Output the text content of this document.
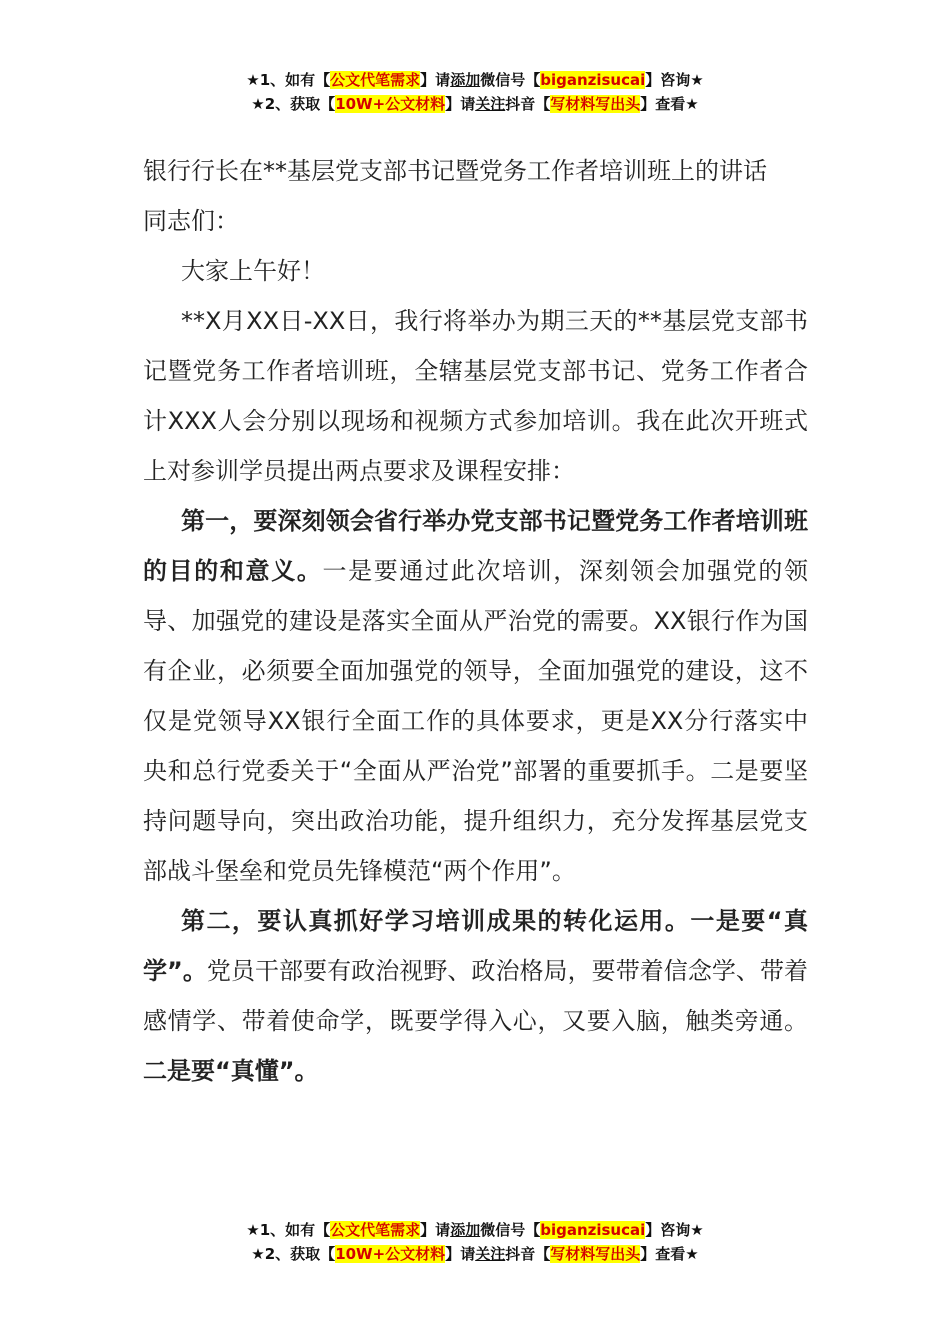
★1、如有【公文代笔需求】请添加微信号【biganzisucai】咨询★
★2、获取【10W+公文材料】请关注抖音【写材料写出头】查看★

银行行长在**基层党支部书记暨党务工作者培训班上的讲话

同志们：

大家上午好！

**X月XX日-XX日，我行将举办为期三天的**基层党支部书记暨党务工作者培训班，全辖基层党支部书记、党务工作者合计XXX人会分别以现场和视频方式参加培训。我在此次开班式上对参训学员提出两点要求及课程安排：

第一，要深刻领会省行举办党支部书记暨党务工作者培训班的目的和意义。一是要通过此次培训，深刻领会加强党的领导、加强党的建设是落实全面从严治党的需要。XX银行作为国有企业，必须要全面加强党的领导，全面加强党的建设，这不仅是党领导XX银行全面工作的具体要求，更是XX分行落实中央和总行党委关于“全面从严治党”部署的重要抓手。二是要坚持问题导向，突出政治功能，提升组织力，充分发挥基层党支部战斗堡垒和党员先锋模范“两个作用”。

第二，要认真抓好学习培训成果的转化运用。一是要“真学”。党员干部要有政治视野、政治格局，要带着信念学、带着感情学、带着使命学，既要学得入心，又要入脑，触类旁通。二是要“真懂”。

★1、如有【公文代笔需求】请添加微信号【biganzisucai】咨询★
★2、获取【10W+公文材料】请关注抖音【写材料写出头】查看★
